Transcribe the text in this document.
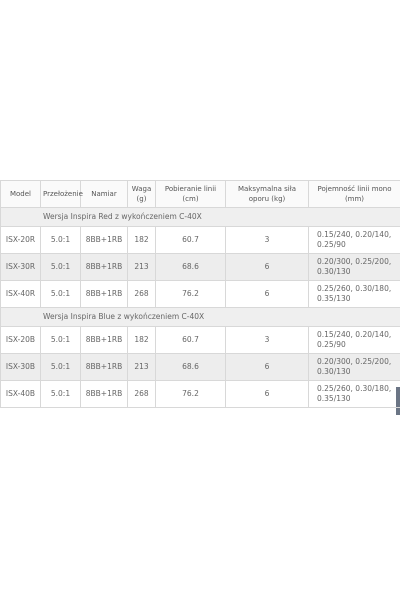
Model	Przełożenie	Namiar	Waga (g)	Pobieranie linii (cm)	Maksymalna siła oporu (kg)	Pojemność linii mono (mm)
Wersja Inspira Red z wykończeniem C-40X						
ISX-20R	5.0:1	8BB+1RB	182	60.7	3	0.15/240, 0.20/140, 0.25/90
ISX-30R	5.0:1	8BB+1RB	213	68.6	6	0.20/300, 0.25/200, 0.30/130
ISX-40R	5.0:1	8BB+1RB	268	76.2	6	0.25/260, 0.30/180, 0.35/130
Wersja Inspira Blue z wykończeniem C-40X						
ISX-20B	5.0:1	8BB+1RB	182	60.7	3	0.15/240, 0.20/140, 0.25/90
ISX-30B	5.0:1	8BB+1RB	213	68.6	6	0.20/300, 0.25/200, 0.30/130
ISX-40B	5.0:1	8BB+1RB	268	76.2	6	0.25/260, 0.30/180, 0.35/130
